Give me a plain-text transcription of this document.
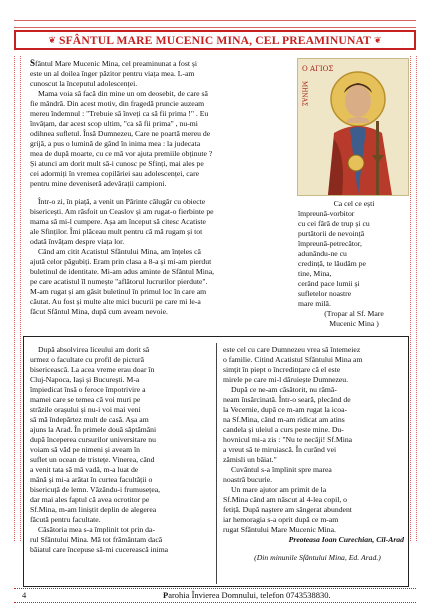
❦ SFÂNTUL MARE MUCENIC MINA, CEL PREAMINUNAT ❦

Sfântul Mare Mucenic Mina, cel preaminunat a fost și
este un al doilea înger păzitor pentru viața mea. L-am
cunoscut la începutul adolescenței.

Mama voia să facă din mine un om deosebit, de care să
fie mândră. Din acest motiv, din fragedă pruncie auzeam
mereu îndemnul : "Trebuie să înveți ca să fii prima !" . Eu
învățam, dar acest scop ultim, "ca să fii prima" , nu-mi
odihnea sufletul. Însă Dumnezeu, Care ne poartă mereu de
grijă, a pus o lumină de gând în inima mea : la judecata
mea de după moarte, cu ce mă vor ajuta premiile obținute ?
Și atunci am dorit mult să-i cunosc pe Sfinți, mai ales pe
cei adormiți în vremea copilăriei sau adolescenței, care
pentru mine deveniseră adevărații campioni.

Într-o zi, în piață, a venit un Părinte călugăr cu obiecte
bisericești. Am răsfoit un Ceaslov și am rugat-o fierbinte pe
mama să mi-l cumpere. Așa am început să citesc Acatiste
ale Sfinților. Îmi plăceau mult pentru că mă rugam și tot
odată învățam despre viața lor.

Când am citit Acatistul Sfântului Mina, am înțeles că
ajută celor păgubiți. Eram prin clasa a 8-a și mi-am pierdut
buletinul de identitate. Mi-am adus aminte de Sfântul Mina,
pe care acatistul îl numește "aflătorul lucrurilor pierdute".
M-am rugat și am găsit buletinul în primul loc în care am
căutat. Au fost și multe alte mici bucurii pe care mi le-a
făcut Sfântul Mina, după cum aveam nevoie.

Ο ΑΓΙΟΣ
ΜΗΝΑΣ
Ca cel ce ești
împreună-vorbitor
cu cei fără de trup și cu
purtătorii de nevoință
împreună-petrecător,
adunându-ne cu
credință, te lăudăm pe
tine, Mina,
cerând pace lumii și
sufletelor noastre
mare milă.
(Tropar al Sf. Mare
Mucenic Mina )

După absolvirea liceului am dorit să
urmez o facultate cu profil de pictură
bisericească. La acea vreme erau doar în
Cluj-Napoca, Iași și București. M-a
împiedicat însă o feroce împotrivire a
mamei care se temea că voi muri pe
străzile orașului și nu-i voi mai veni
să mă îndepărtez mult de casă. Așa am
ajuns la Arad. În primele două săptămâni
după începerea cursurilor universitare nu
voiam să văd pe nimeni și aveam în
suflet un ocean de tristețe. Vinerea, când
a venit tata să mă vadă, m-a luat de
mână și mi-a arătat în curtea facultății o
bisericuță de lemn. Văzându-i frumusețea,
dar mai ales faptul că avea ocrotitor pe
Sf.Mina, m-am liniștit deplin de alegerea
făcută pentru facultate.

Căsătoria mea s-a împlinit tot prin da-
rul Sfântului Mina. Mă tot frământam dacă
băiatul care începuse să-mi cucerească inima

este cel cu care Dumnezeu vrea să întemeiez
o familie. Citind Acatistul Sfântului Mina am
simțit în piept o încredințare că el este
mirele pe care mi-l dăruiește Dumnezeu.

După ce ne-am căsătorit, nu râmâ-
neam însărcinată. Într-o seară, plecând de
la Vecernie, după ce m-am rugat la icoa-
na Sf.Mina, când m-am ridicat am atins
candela și uleiul a curs peste mine. Du-
hovnicul mi-a zis : "Nu te necăji! Sf.Mina
a vreut să te miruiască. În curând vei
zămisli un băiat."

Cuvântul s-a împlinit spre marea
noastră bucurie.

Un mare ajutor am primit de la
Sf.Mina când am născut al 4-lea copil, o
fetiță. După naștere am sângerat abundent
iar hemoragia s-a oprit după ce m-am
rugat Sfântului Mare Mucenic Mina.

Preoteasa Ioan Curechian, Cil-Arad

(Din minunile Sfântului Mina, Ed. Arad.)

4	Parohia Învierea Domnului, telefon 0743538830.
